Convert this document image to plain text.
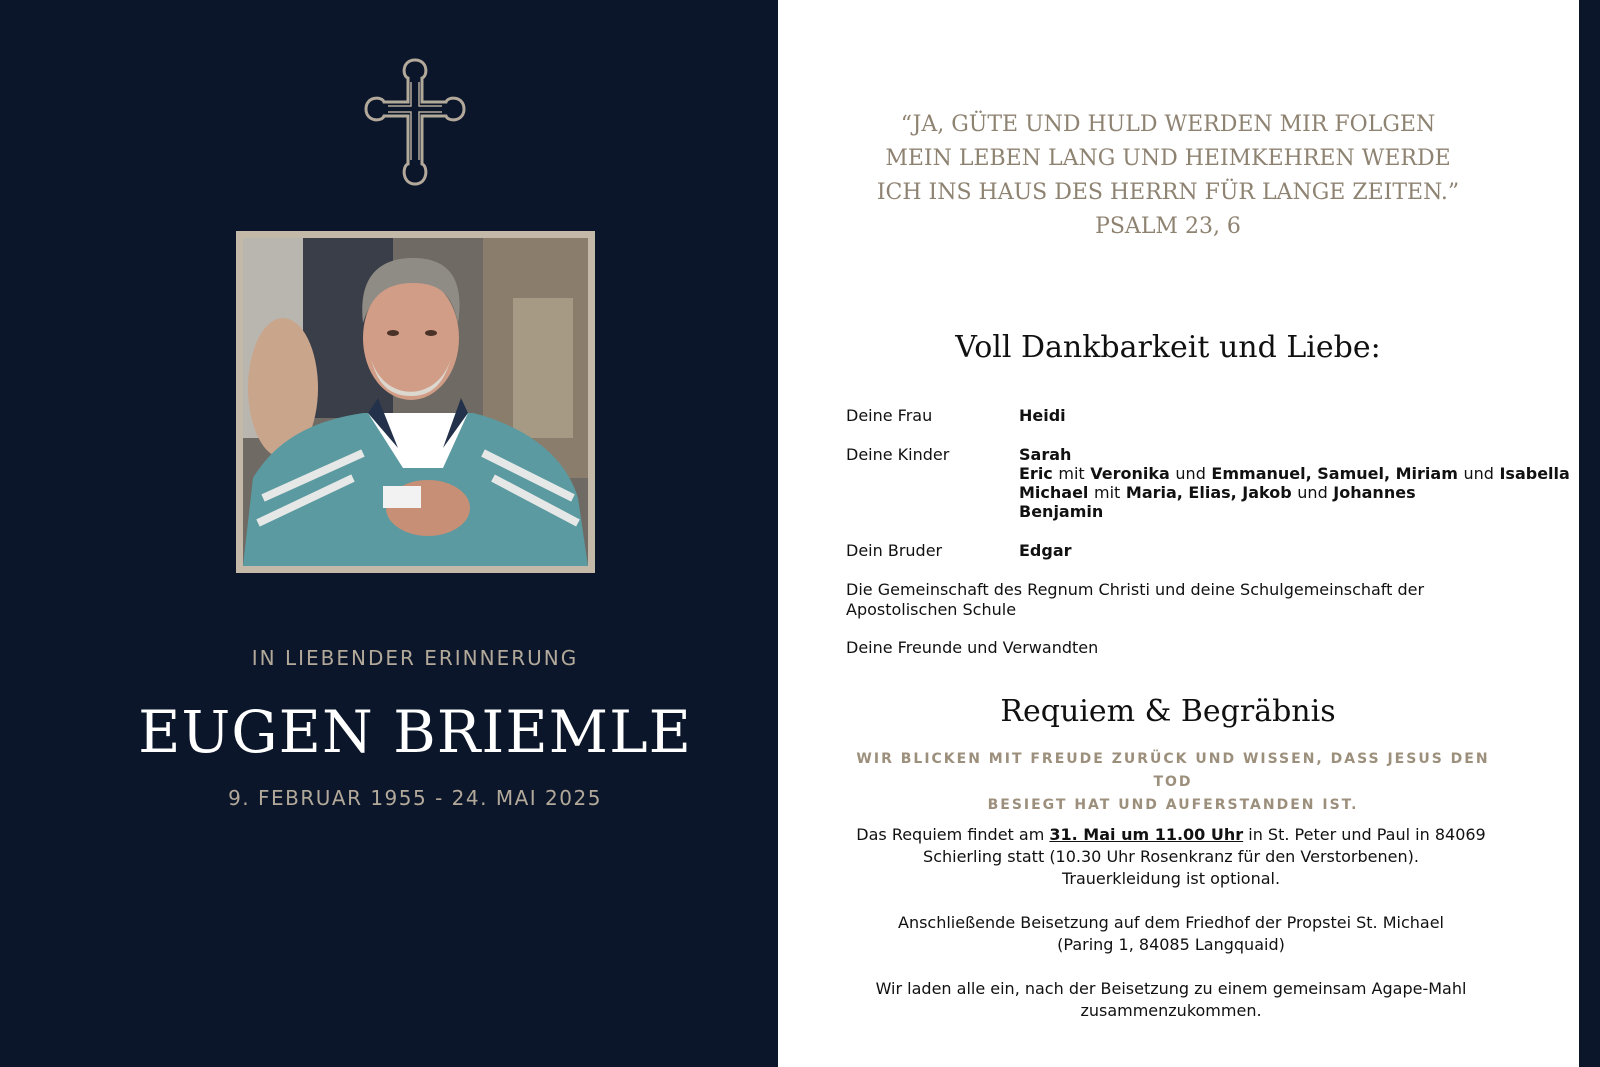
IN LIEBENDER ERINNERUNG
EUGEN BRIEMLE
9. FEBRUAR 1955 - 24. MAI 2025
“JA, GÜTE UND HULD WERDEN MIR FOLGEN
MEIN LEBEN LANG UND HEIMKEHREN WERDE
ICH INS HAUS DES HERRN FÜR LANGE ZEITEN.”
PSALM 23, 6
Voll Dankbarkeit und Liebe:
Deine Frau	Heidi
Deine Kinder	Sarah
Eric mit Veronika und Emmanuel, Samuel, Miriam und Isabella
Michael mit Maria, Elias, Jakob und Johannes
Benjamin
Dein Bruder	Edgar
Die Gemeinschaft des Regnum Christi und deine Schulgemeinschaft der Apostolischen Schule
Deine Freunde und Verwandten
Requiem & Begräbnis
WIR BLICKEN MIT FREUDE ZURÜCK UND WISSEN, DASS JESUS DEN TOD
BESIEGT HAT UND AUFERSTANDEN IST.

Das Requiem findet am 31. Mai um 11.00 Uhr in St. Peter und Paul in 84069
Schierling statt (10.30 Uhr Rosenkranz für den Verstorbenen).
Trauerkleidung ist optional.

Anschließende Beisetzung auf dem Friedhof der Propstei St. Michael
(Paring 1, 84085 Langquaid)

Wir laden alle ein, nach der Beisetzung zu einem gemeinsam Agape-Mahl
zusammenzukommen.
